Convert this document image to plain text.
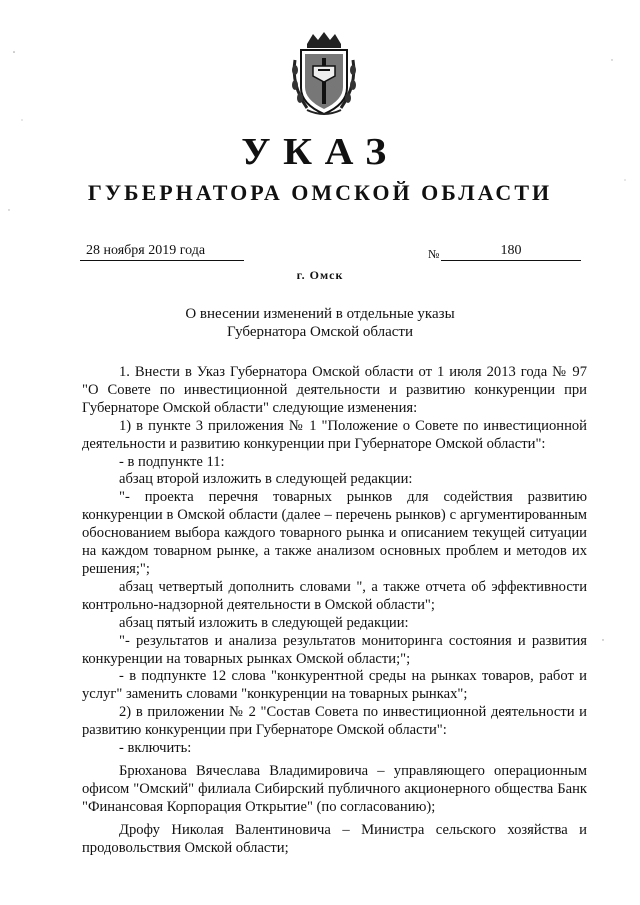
УКАЗ
ГУБЕРНАТОРА ОМСКОЙ ОБЛАСТИ
28 ноября 2019 года	№	180
г. Омск
О внесении изменений в отдельные указы
Губернатора Омской области

1. Внести в Указ Губернатора Омской области от 1 июля 2013 года № 97 "О Совете по инвестиционной деятельности и развитию конкуренции при Губернаторе Омской области" следующие изменения:

1) в пункте 3 приложения № 1 "Положение о Совете по инвестиционной деятельности и развитию конкуренции при Губернаторе Омской области":

- в подпункте 11:

абзац второй изложить в следующей редакции:

"- проекта перечня товарных рынков для содействия развитию конкуренции в Омской области (далее – перечень рынков) с аргументированным обоснованием выбора каждого товарного рынка и описанием текущей ситуации на каждом товарном рынке, а также анализом основных проблем и методов их решения;";

абзац четвертый дополнить словами ", а также отчета об эффективности контрольно-надзорной деятельности в Омской области";

абзац пятый изложить в следующей редакции:

"- результатов и анализа результатов мониторинга состояния и развития конкуренции на товарных рынках Омской области;";

- в подпункте 12 слова "конкурентной среды на рынках товаров, работ и услуг" заменить словами "конкуренции на товарных рынках";

2) в приложении № 2 "Состав Совета по инвестиционной деятельности и развитию конкуренции при Губернаторе Омской области":

- включить:

Брюханова Вячеслава Владимировича – управляющего операционным офисом "Омский" филиала Сибирский публичного акционерного общества Банк "Финансовая Корпорация Открытие" (по согласованию);

Дрофу Николая Валентиновича – Министра сельского хозяйства и продовольствия Омской области;
